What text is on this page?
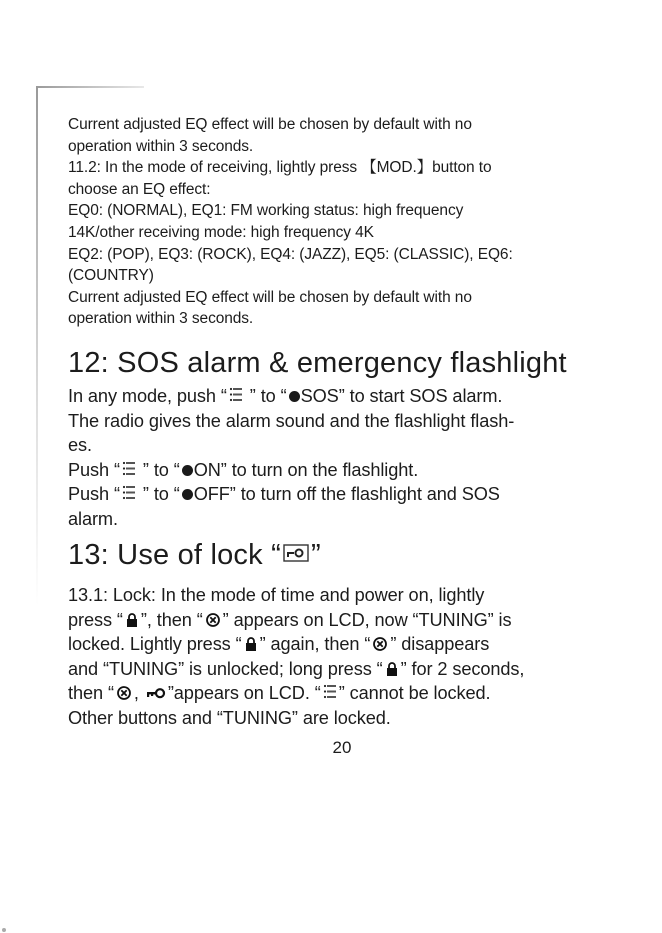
Current adjusted EQ effect will be chosen by default with no

operation within 3 seconds.

11.2: In the mode of receiving, lightly press 【MOD.】button to

choose an EQ effect:

EQ0: (NORMAL), EQ1: FM working status: high frequency

14K/other receiving mode: high frequency 4K

EQ2: (POP), EQ3: (ROCK), EQ4: (JAZZ), EQ5: (CLASSIC), EQ6:

(COUNTRY)

Current adjusted EQ effect will be chosen by default with no

operation within 3 seconds.

12: SOS alarm & emergency flashlight

In any mode, push “ ” to “ SOS” to start SOS alarm.

The radio gives the alarm sound and the flashlight flash-

es.

Push “ ” to “ ON” to turn on the flashlight.

Push “ ” to “ OFF” to turn off the flashlight and SOS

alarm.

13: Use of lock “ ”

13.1: Lock: In the mode of time and power on, lightly

press “ ”, then “ ” appears on LCD, now “TUNING” is

locked. Lightly press “ ” again, then “ ” disappears

and “TUNING” is unlocked; long press “ ” for 2 seconds,

then “ , ”appears on LCD. “ ” cannot be locked.

Other buttons and “TUNING” are locked.

20
